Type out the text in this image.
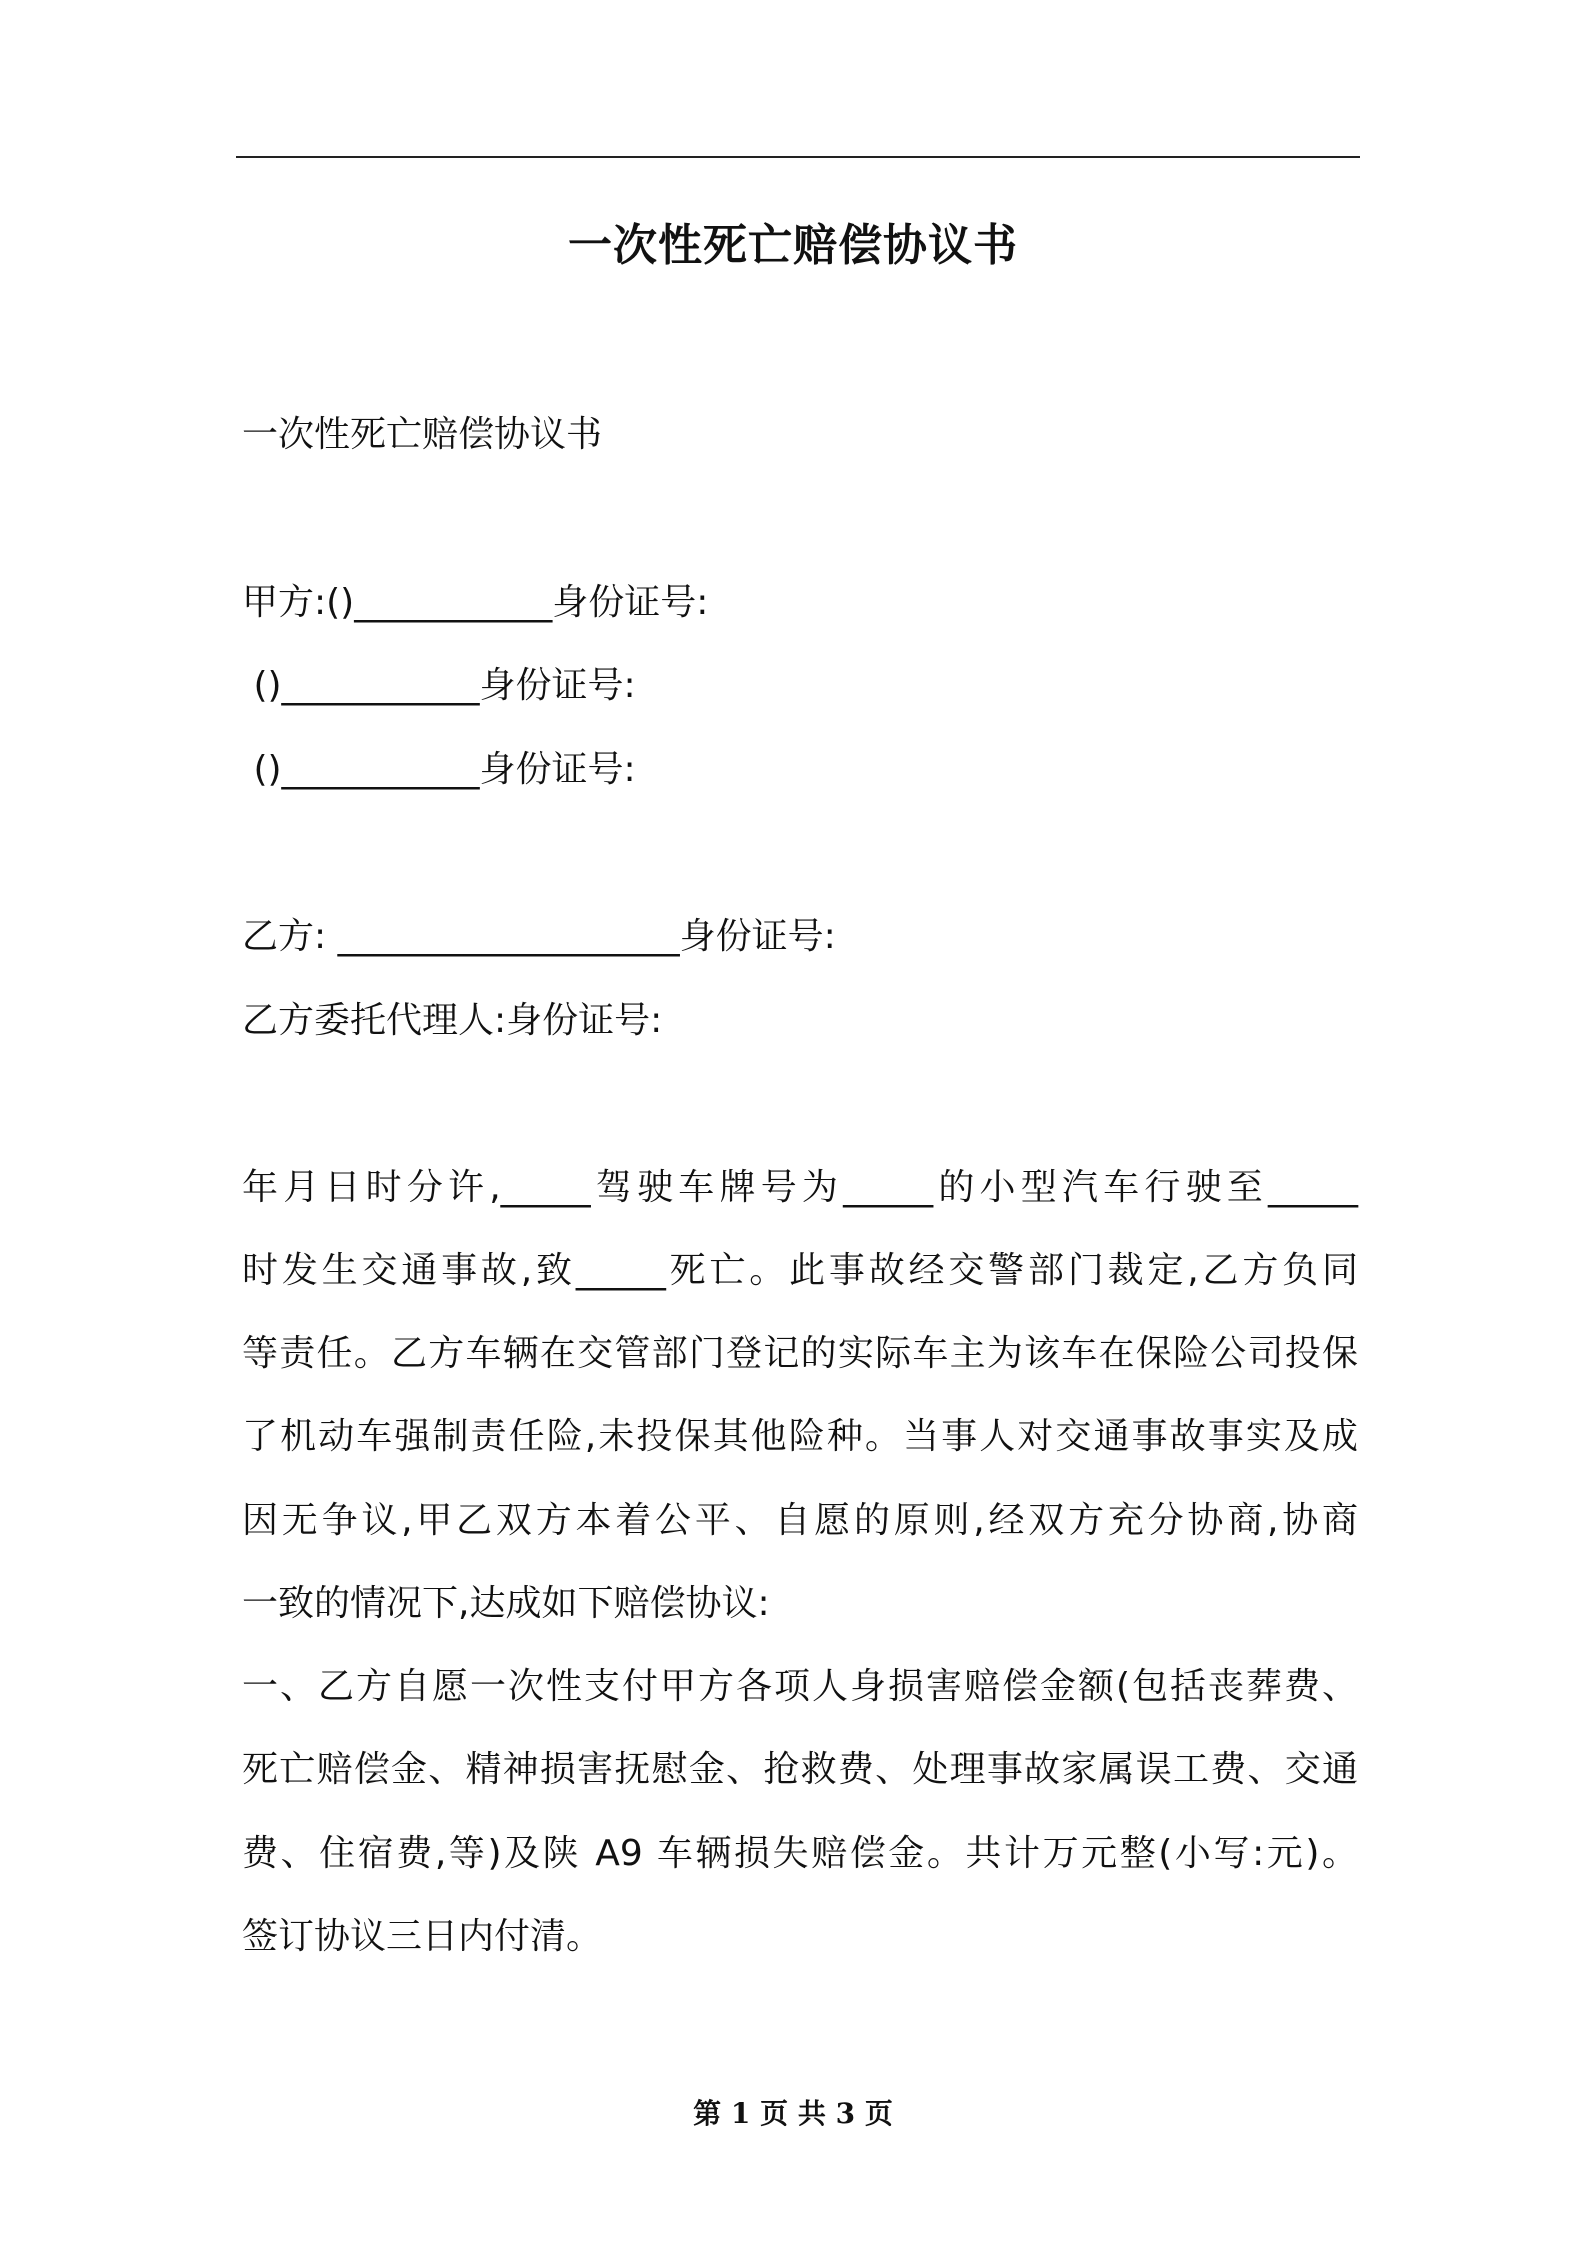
一次性死亡赔偿协议书
一次性死亡赔偿协议书
甲方:()___________身份证号:
()___________身份证号:
()___________身份证号:
乙方: ___________________身份证号:
乙方委托代理人:身份证号:
年月日时分许,_____驾驶车牌号为_____的小型汽车行驶至_____
时发生交通事故,致_____死亡。此事故经交警部门裁定,乙方负同
等责任。乙方车辆在交管部门登记的实际车主为该车在保险公司投保
了机动车强制责任险,未投保其他险种。当事人对交通事故事实及成
因无争议,甲乙双方本着公平、自愿的原则,经双方充分协商,协商
一致的情况下,达成如下赔偿协议:
一、乙方自愿一次性支付甲方各项人身损害赔偿金额(包括丧葬费、
死亡赔偿金、精神损害抚慰金、抢救费、处理事故家属误工费、交通
费、住宿费,等)及陕 A9 车辆损失赔偿金。共计万元整(小写:元)。
签订协议三日内付清。
第 1 页 共 3 页
